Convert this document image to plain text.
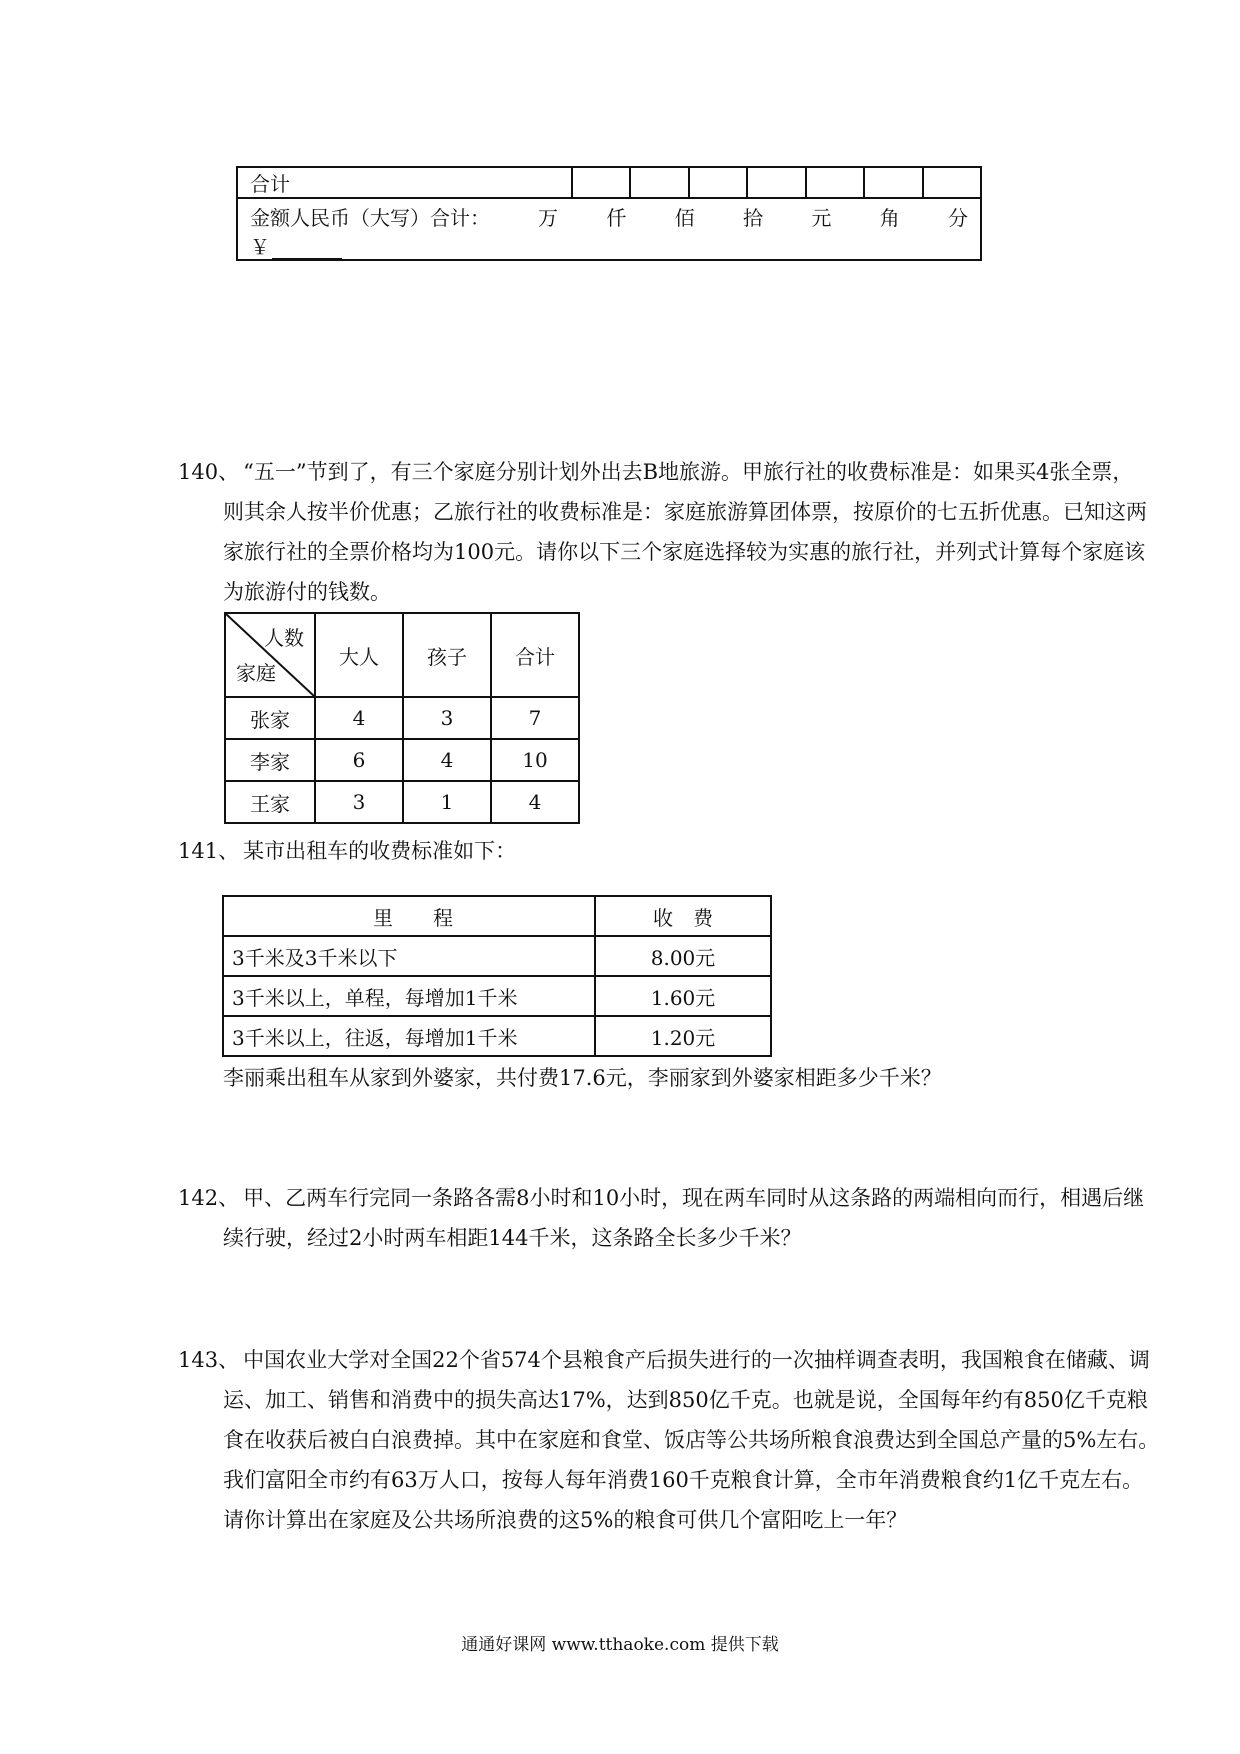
合计							

金额人民币（大写）合计： 万 仟 佰 拾 元 角 分
￥
140、 “五一”节到了，有三个家庭分别计划外出去B地旅游。甲旅行社的收费标准是：如果买4张全票，
则其余人按半价优惠；乙旅行社的收费标准是：家庭旅游算团体票，按原价的七五折优惠。已知这两
家旅行社的全票价格均为100元。请你以下三个家庭选择较为实惠的旅行社，并列式计算每个家庭该
为旅游付的钱数。
人数
家庭	大人	孩子	合计
张家	4	3	7
李家	6	4	10
王家	3	1	4
141、 某市出租车的收费标准如下：
里　　程	收　费
3千米及3千米以下	8.00元
3千米以上，单程，每增加1千米	1.60元
3千米以上，往返，每增加1千米	1.20元
李丽乘出租车从家到外婆家，共付费17.6元，李丽家到外婆家相距多少千米？
142、 甲、乙两车行完同一条路各需8小时和10小时，现在两车同时从这条路的两端相向而行，相遇后继
续行驶，经过2小时两车相距144千米，这条路全长多少千米？
143、 中国农业大学对全国22个省574个县粮食产后损失进行的一次抽样调查表明，我国粮食在储藏、调
运、加工、销售和消费中的损失高达17%，达到850亿千克。也就是说，全国每年约有850亿千克粮
食在收获后被白白浪费掉。其中在家庭和食堂、饭店等公共场所粮食浪费达到全国总产量的5%左右。
我们富阳全市约有63万人口，按每人每年消费160千克粮食计算，全市年消费粮食约1亿千克左右。
请你计算出在家庭及公共场所浪费的这5%的粮食可供几个富阳吃上一年？
通通好课网 www.tthaoke.com 提供下载
